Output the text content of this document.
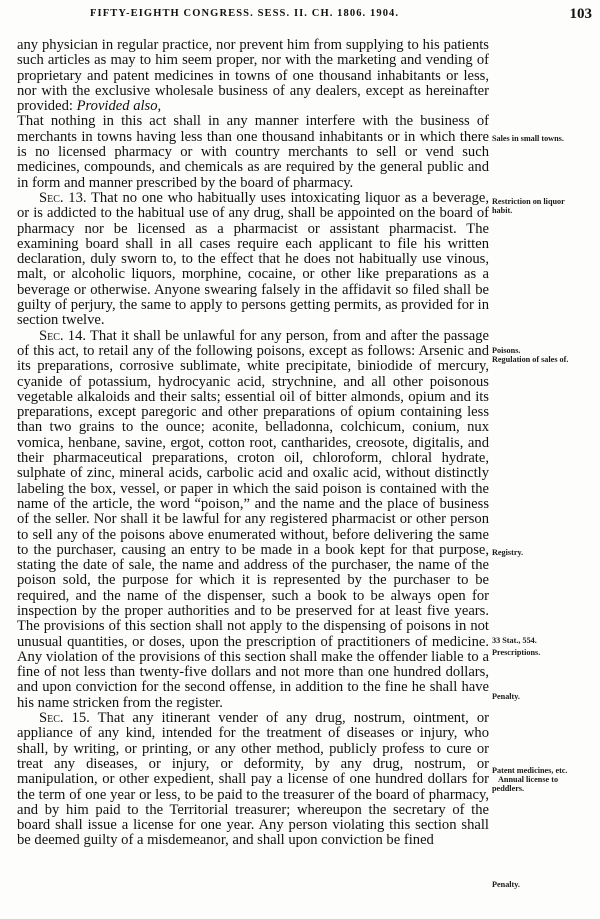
FIFTY-EIGHTH CONGRESS. SESS. II. CH. 1806. 1904.	103

any physician in regular practice, nor prevent him from supplying to his patients such articles as may to him seem proper, nor with the marketing and vending of proprietary and patent medicines in towns of one thousand inhabitants or less, nor with the exclusive wholesale business of any dealers, except as hereinafter provided: Provided also,

That nothing in this act shall in any manner interfere with the business of merchants in towns having less than one thousand inhabitants or in which there is no licensed pharmacy or with country merchants to sell or vend such medicines, compounds, and chemicals as are required by the general public and in form and manner prescribed by the board of pharmacy.

Sec. 13. That no one who habitually uses intoxicating liquor as a beverage, or is addicted to the habitual use of any drug, shall be appointed on the board of pharmacy nor be licensed as a pharmacist or assistant pharmacist. The examining board shall in all cases require each applicant to file his written declaration, duly sworn to, to the effect that he does not habitually use vinous, malt, or alcoholic liquors, morphine, cocaine, or other like preparations as a beverage or otherwise. Anyone swearing falsely in the affidavit so filed shall be guilty of perjury, the same to apply to persons getting permits, as provided for in section twelve.

Sec. 14. That it shall be unlawful for any person, from and after the passage of this act, to retail any of the following poisons, except as follows: Arsenic and its preparations, corrosive sublimate, white precipitate, biniodide of mercury, cyanide of potassium, hydrocyanic acid, strychnine, and all other poisonous vegetable alkaloids and their salts; essential oil of bitter almonds, opium and its preparations, except paregoric and other preparations of opium containing less than two grains to the ounce; aconite, belladonna, colchicum, conium, nux vomica, henbane, savine, ergot, cotton root, cantharides, creosote, digitalis, and their pharmaceutical preparations, croton oil, chloroform, chloral hydrate, sulphate of zinc, mineral acids, carbolic acid and oxalic acid, without distinctly labeling the box, vessel, or paper in which the said poison is contained with the name of the article, the word “poison,” and the name and the place of business of the seller. Nor shall it be lawful for any registered pharmacist or other person to sell any of the poisons above enumerated without, before delivering the same to the purchaser, causing an entry to be made in a book kept for that purpose, stating the date of sale, the name and address of the purchaser, the name of the poison sold, the purpose for which it is represented by the purchaser to be required, and the name of the dispenser, such a book to be always open for inspection by the proper authorities and to be preserved for at least five years. The provisions of this section shall not apply to the dispensing of poisons in not unusual quantities, or doses, upon the prescription of practitioners of medicine. Any violation of the provisions of this section shall make the offender liable to a fine of not less than twenty-five dollars and not more than one hundred dollars, and upon conviction for the second offense, in addition to the fine he shall have his name stricken from the register.

Sec. 15. That any itinerant vender of any drug, nostrum, ointment, or appliance of any kind, intended for the treatment of diseases or injury, who shall, by writing, or printing, or any other method, publicly profess to cure or treat any diseases, or injury, or deformity, by any drug, nostrum, or manipulation, or other expedient, shall pay a license of one hundred dollars for the term of one year or less, to be paid to the treasurer of the board of pharmacy, and by him paid to the Territorial treasurer; whereupon the secretary of the board shall issue a license for one year. Any person violating this section shall be deemed guilty of a misdemeanor, and shall upon conviction be fined

Sales in small towns.
Restriction on liquor
habit.
Poisons.
Regulation of sales of.
Registry.
33 Stat., 554.
Prescriptions.
Penalty.
Patent medicines, etc.
Annual license to
peddlers.
Penalty.
